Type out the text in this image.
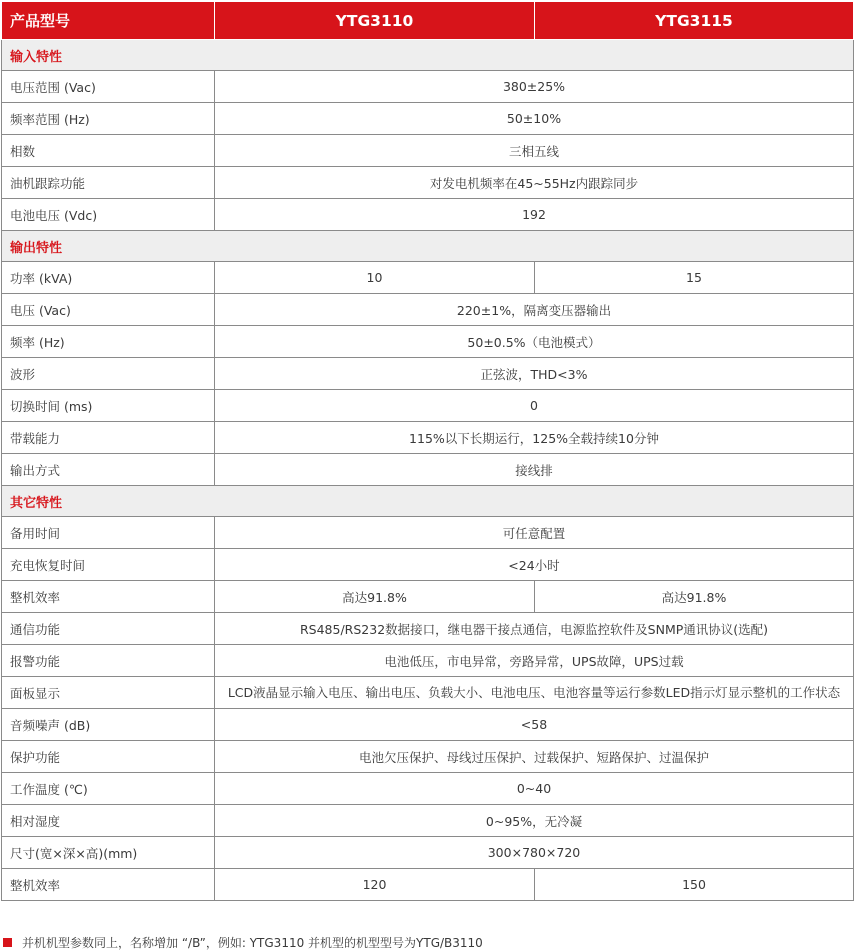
产品型号	YTG3110	YTG3115
输入特性		
电压范围 (Vac)	380±25%	
频率范围 (Hz)	50±10%	
相数	三相五线	
油机跟踪功能	对发电机频率在45~55Hz内跟踪同步	
电池电压 (Vdc)	192	
输出特性		
功率 (kVA)	10	15
电压 (Vac)	220±1%，隔离变压器输出	
频率 (Hz)	50±0.5%（电池模式）	
波形	正弦波，THD<3%	
切换时间 (ms)	0	
带载能力	115%以下长期运行，125%全载持续10分钟	
输出方式	接线排	
其它特性		
备用时间	可任意配置	
充电恢复时间	<24小时	
整机效率	高达91.8%	高达91.8%
通信功能	RS485/RS232数据接口，继电器干接点通信，电源监控软件及SNMP通讯协议(选配)	
报警功能	电池低压，市电异常，旁路异常，UPS故障，UPS过载	
面板显示	LCD液晶显示输入电压、输出电压、负载大小、电池电压、电池容量等运行参数LED指示灯显示整机的工作状态	
音频噪声 (dB)	<58	
保护功能	电池欠压保护、母线过压保护、过载保护、短路保护、过温保护	
工作温度 (℃)	0~40	
相对湿度	0~95%，无冷凝	
尺寸(宽×深×高)(mm)	300×780×720	
整机效率	120	150
并机机型参数同上，名称增加 “/B”，例如: YTG3110 并机型的机型型号为YTG/B3110
